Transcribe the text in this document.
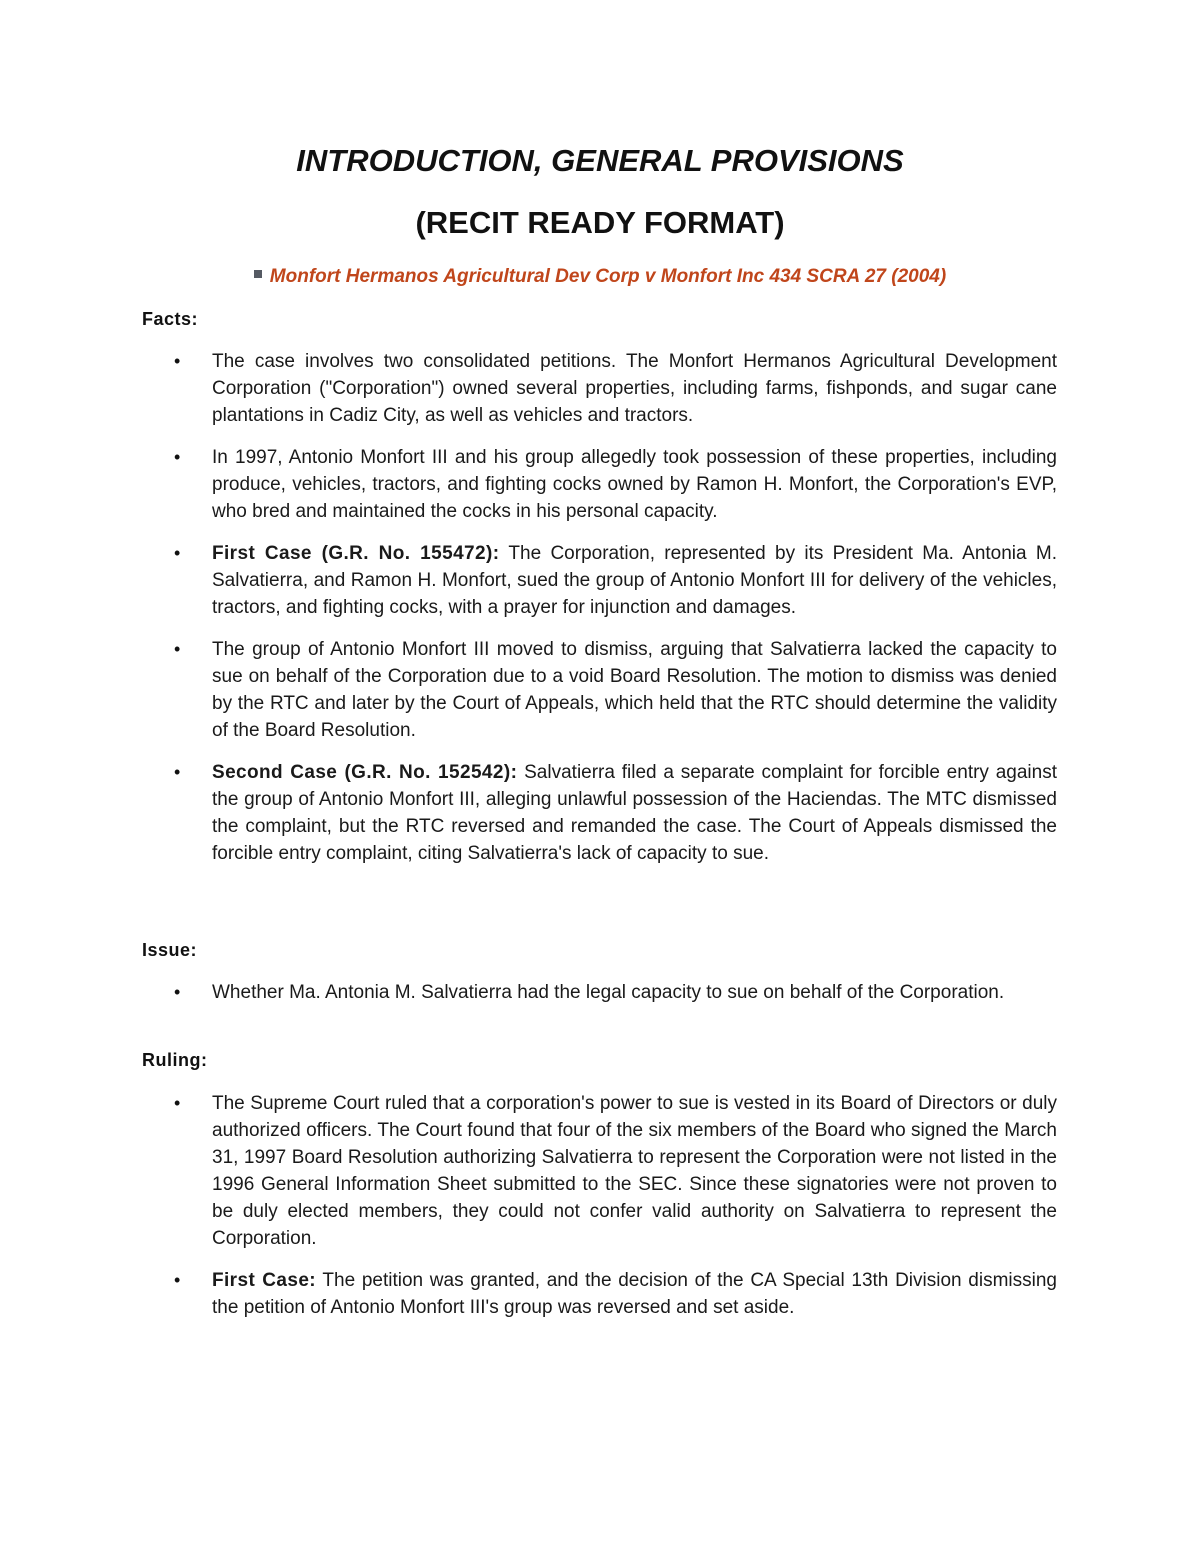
INTRODUCTION, GENERAL PROVISIONS
(RECIT READY FORMAT)

Monfort Hermanos Agricultural Dev Corp v Monfort Inc 434 SCRA 27 (2004)

Facts:

• The case involves two consolidated petitions. The Monfort Hermanos Agricultural Development Corporation ("Corporation") owned several properties, including farms, fishponds, and sugar cane plantations in Cadiz City, as well as vehicles and tractors.
• In 1997, Antonio Monfort III and his group allegedly took possession of these properties, including produce, vehicles, tractors, and fighting cocks owned by Ramon H. Monfort, the Corporation's EVP, who bred and maintained the cocks in his personal capacity.
• First Case (G.R. No. 155472): The Corporation, represented by its President Ma. Antonia M. Salvatierra, and Ramon H. Monfort, sued the group of Antonio Monfort III for delivery of the vehicles, tractors, and fighting cocks, with a prayer for injunction and damages.
• The group of Antonio Monfort III moved to dismiss, arguing that Salvatierra lacked the capacity to sue on behalf of the Corporation due to a void Board Resolution. The motion to dismiss was denied by the RTC and later by the Court of Appeals, which held that the RTC should determine the validity of the Board Resolution.
• Second Case (G.R. No. 152542): Salvatierra filed a separate complaint for forcible entry against the group of Antonio Monfort III, alleging unlawful possession of the Haciendas. The MTC dismissed the complaint, but the RTC reversed and remanded the case. The Court of Appeals dismissed the forcible entry complaint, citing Salvatierra's lack of capacity to sue.

Issue:

• Whether Ma. Antonia M. Salvatierra had the legal capacity to sue on behalf of the Corporation.

Ruling:

• The Supreme Court ruled that a corporation's power to sue is vested in its Board of Directors or duly authorized officers. The Court found that four of the six members of the Board who signed the March 31, 1997 Board Resolution authorizing Salvatierra to represent the Corporation were not listed in the 1996 General Information Sheet submitted to the SEC. Since these signatories were not proven to be duly elected members, they could not confer valid authority on Salvatierra to represent the Corporation.
• First Case: The petition was granted, and the decision of the CA Special 13th Division dismissing the petition of Antonio Monfort III's group was reversed and set aside.
